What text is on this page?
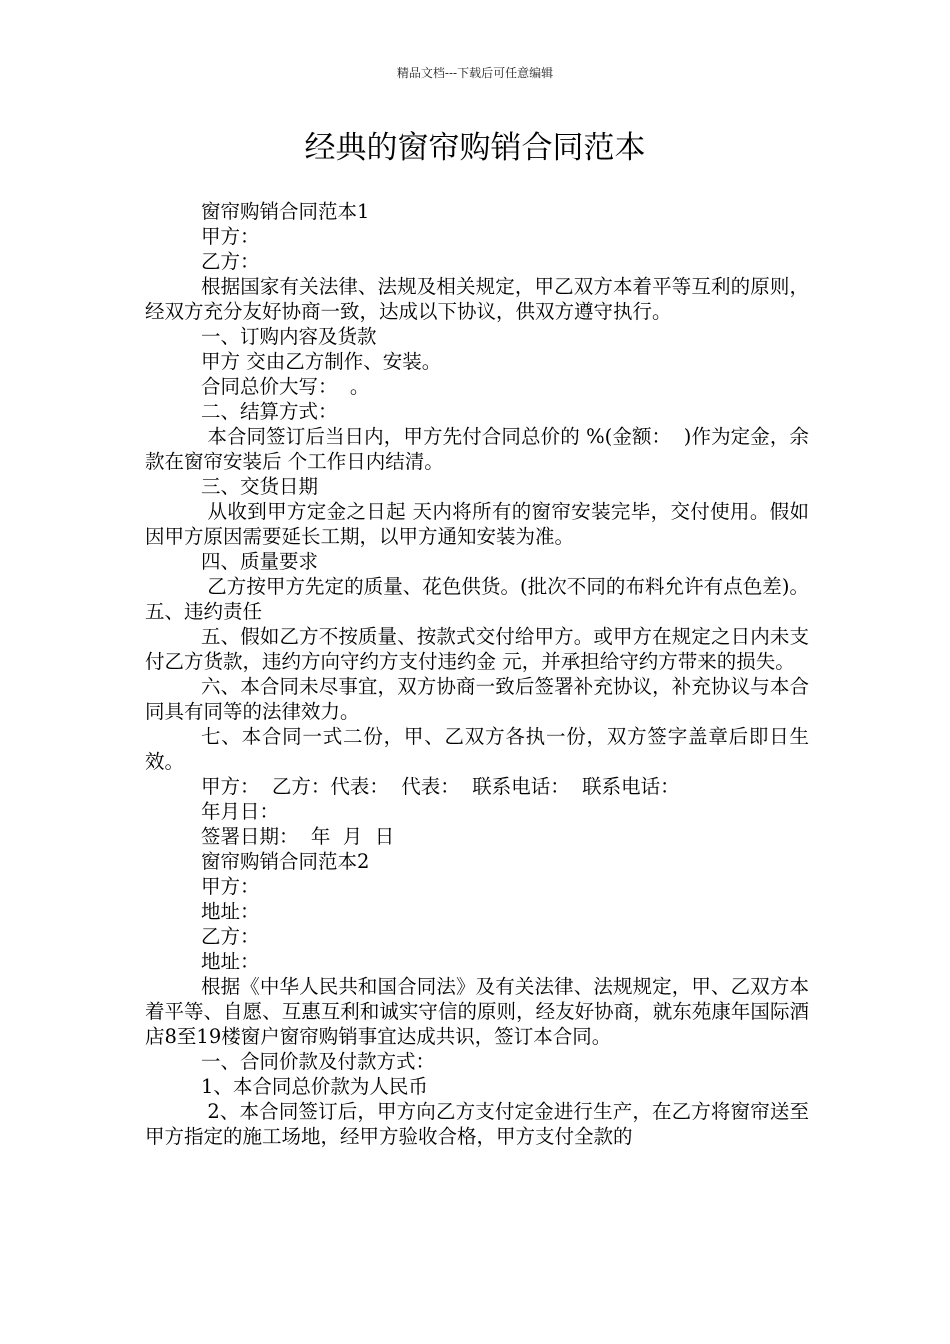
精品文档---下载后可任意编辑
经典的窗帘购销合同范本

窗帘购销合同范本1

甲方：

乙方：

根据国家有关法律、法规及相关规定，甲乙双方本着平等互利的原则，经双方充分友好协商一致，达成以下协议，供双方遵守执行。

一、订购内容及货款

甲方 交由乙方制作、安装。

合同总价大写：  。

二、结算方式：

本合同签订后当日内，甲方先付合同总价的 %(金额：  )作为定金，余款在窗帘安装后 个工作日内结清。

三、交货日期

从收到甲方定金之日起 天内将所有的窗帘安装完毕，交付使用。假如因甲方原因需要延长工期，以甲方通知安装为准。

四、质量要求

乙方按甲方先定的质量、花色供货。(批次不同的布料允许有点色差)。 五、违约责任

五、假如乙方不按质量、按款式交付给甲方。或甲方在规定之日内未支付乙方货款，违约方向守约方支付违约金 元，并承担给守约方带来的损失。

六、本合同未尽事宜，双方协商一致后签署补充协议，补充协议与本合同具有同等的法律效力。

七、本合同一式二份，甲、乙双方各执一份，双方签字盖章后即日生效。

甲方：  乙方：代表：  代表：  联系电话：  联系电话：

年月日：

签署日期：  年  月  日

窗帘购销合同范本2

甲方：

地址：

乙方：

地址：

根据《中华人民共和国合同法》及有关法律、法规规定，甲、乙双方本着平等、自愿、互惠互利和诚实守信的原则，经友好协商，就东苑康年国际酒店8至19楼窗户窗帘购销事宜达成共识，签订本合同。

一、合同价款及付款方式：

1、本合同总价款为人民币

2、本合同签订后，甲方向乙方支付定金进行生产，在乙方将窗帘送至甲方指定的施工场地，经甲方验收合格，甲方支付全款的
